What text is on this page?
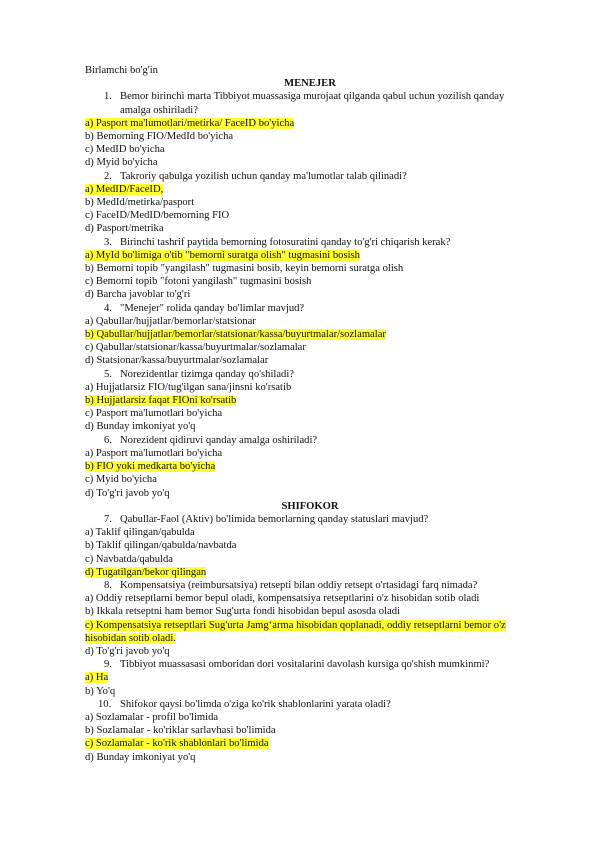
Birlamchi bo'g'in
MENEJER
1. Bemor birinchi marta Tibbiyot muassasiga murojaat qilganda qabul uchun yozilish qanday amalga oshiriladi?
a) Pasport ma'lumotlari/metirka/ FaceID bo'yicha
b) Bemorning FIO/MedId bo'yicha
c) MedID bo'yicha
d) Myid bo'yicha
2. Takroriy qabulga yozilish uchun qanday ma'lumotlar talab qilinadi?
a) MedID/FaceID,
b) MedId/metirka/pasport
c) FaceID/MedID/bemorning FIO
d) Pasport/metrika
3. Birinchi tashrif paytida bemorning fotosuratini qanday to'g'ri chiqarish kerak?
a) MyId bo'limiga o'tib "bemorni suratga olish" tugmasini bosish
b) Bemorni topib "yangilash" tugmasini bosib, keyin bemorni suratga olish
c) Bemorni topib "fotoni yangilash" tugmasini bosish
d) Barcha javoblar to'g'ri
4. "Menejer" rolida qanday bo'limlar mavjud?
a) Qabullar/hujjatlar/bemorlar/statsionar
b) Qabullar/hujjatlar/bemorlar/statsionar/kassa/buyurtmalar/sozlamalar
c) Qabullar/statsionar/kassa/buyurtmalar/sozlamalar
d) Statsionar/kassa/buyurtmalar/sozlamalar
5. Norezidentlar tizimga qanday qo'shiladi?
a) Hujjatlarsiz FIO/tug'ilgan sana/jinsni ko'rsatib
b) Hujjatlarsiz faqat FIOni ko'rsatib
c) Pasport ma'lumotlari bo'yicha
d) Bunday imkoniyat yo'q
6. Norezident qidiruvi qanday amalga oshiriladi?
a) Pasport ma'lumotlari bo'yicha
b) FIO yoki medkarta bo'yicha
c) Myid bo'yicha
d) To'g'ri javob yo'q
SHIFOKOR
7. Qabullar-Faol (Aktiv) bo'limida bemorlarning qanday statuslari mavjud?
a) Taklif qilingan/qabulda
b) Taklif qilingan/qabulda/navbatda
c) Navbatda/qabulda
d) Tugatilgan/bekor qilingan
8. Kompensatsiya (reimbursatsiya) retsepti bilan oddiy retsept o'rtasidagi farq nimada?
a) Oddiy retseptlarni bemor bepul oladi, kompensatsiya retseptlarini o'z hisobidan sotib oladi
b) Ikkala retseptni ham bemor Sug'urta fondi hisobidan bepul asosda oladi
c) Kompensatsiya retseptlari Sug'urta Jamg‘arma hisobidan qoplanadi, oddiy retseptlarni bemor o'z hisobidan sotib oladi.
d) To'g'ri javob yo'q
9. Tibbiyot muassasasi omboridan dori vositalarini davolash kursiga qo'shish mumkinmi?
a) Ha
b) Yo'q
10. Shifokor qaysi bo'limda o'ziga ko'rik shablonlarini yarata oladi?
a) Sozlamalar - profil bo'limida
b) Sozlamalar - ko'riklar sarlavhasi bo'limida
c) Sozlamalar - ko'rik shablonlari bo'limida
d) Bunday imkoniyat yo'q
